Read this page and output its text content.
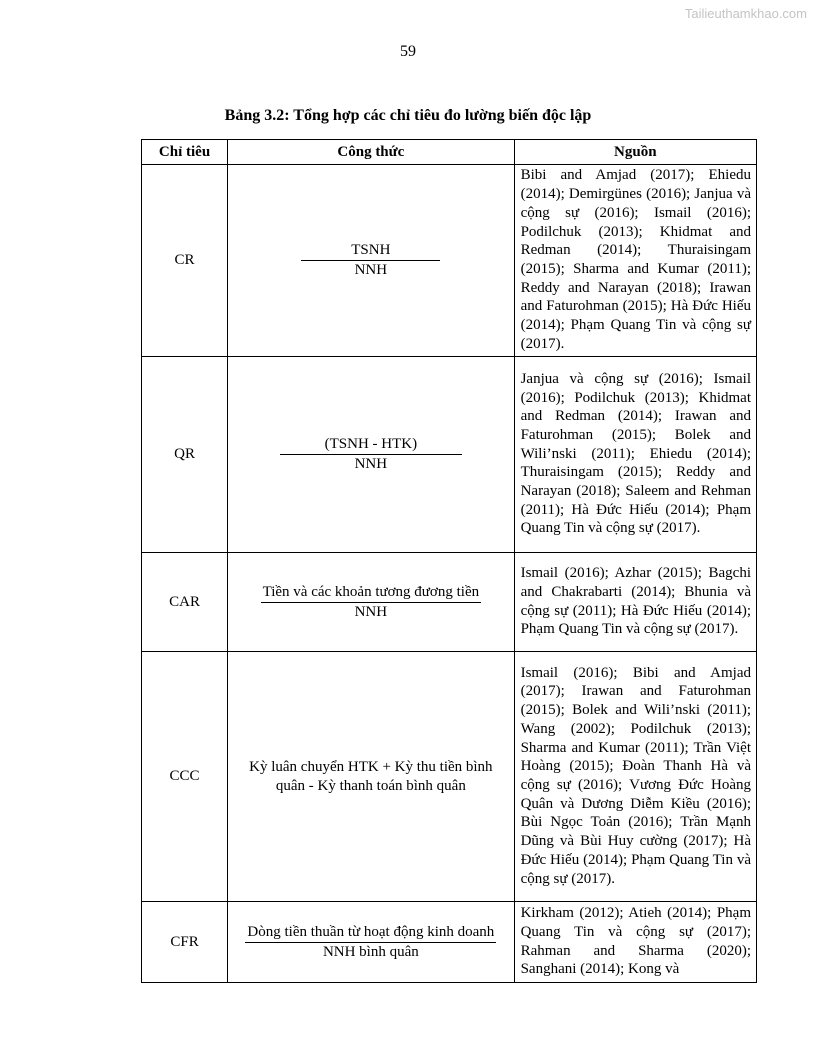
Tailieuthamkhao.com
59
Bảng 3.2: Tổng hợp các chỉ tiêu đo lường biến độc lập
Chỉ tiêu	Công thức	Nguồn
CR	$\frac{\text{TSNH}}{\text{NNH}}$	Bibi and Amjad (2017); Ehiedu (2014); Demirgünes (2016); Janjua và cộng sự (2016); Ismail (2016); Podilchuk (2013); Khidmat and Redman (2014); Thuraisingam (2015); Sharma and Kumar (2011); Reddy and Narayan (2018); Irawan and Faturohman (2015); Hà Đức Hiếu (2014); Phạm Quang Tin và cộng sự (2017).
QR	$\frac{\text{(TSNH - HTK)}}{\text{NNH}}$	Janjua và cộng sự (2016); Ismail (2016); Podilchuk (2013); Khidmat and Redman (2014); Irawan and Faturohman (2015); Bolek and Wili’nski (2011); Ehiedu (2014); Thuraisingam (2015); Reddy and Narayan (2018); Saleem and Rehman (2011); Hà Đức Hiếu (2014); Phạm Quang Tin và cộng sự (2017).
CAR	$\frac{\text{Tiền và các khoản tương đương tiền}}{\text{NNH}}$	Ismail (2016); Azhar (2015); Bagchi and Chakrabarti (2014); Bhunia và cộng sự (2011); Hà Đức Hiếu (2014); Phạm Quang Tin và cộng sự (2017).
CCC	Kỳ luân chuyển HTK + Kỳ thu tiền bình quân - Kỳ thanh toán bình quân	Ismail (2016); Bibi and Amjad (2017); Irawan and Faturohman (2015); Bolek and Wili’nski (2011); Wang (2002); Podilchuk (2013); Sharma and Kumar (2011); Trần Việt Hoàng (2015); Đoàn Thanh Hà và cộng sự (2016); Vương Đức Hoàng Quân và Dương Diễm Kiều (2016); Bùi Ngọc Toản (2016); Trần Mạnh Dũng và Bùi Huy cường (2017); Hà Đức Hiếu (2014); Phạm Quang Tin và cộng sự (2017).
CFR	$\frac{\text{Dòng tiền thuần từ hoạt động kinh doanh}}{\text{NNH bình quân}}$	Kirkham (2012); Atieh (2014); Phạm Quang Tin và cộng sự (2017); Rahman and Sharma (2020); Sanghani (2014); Kong và
